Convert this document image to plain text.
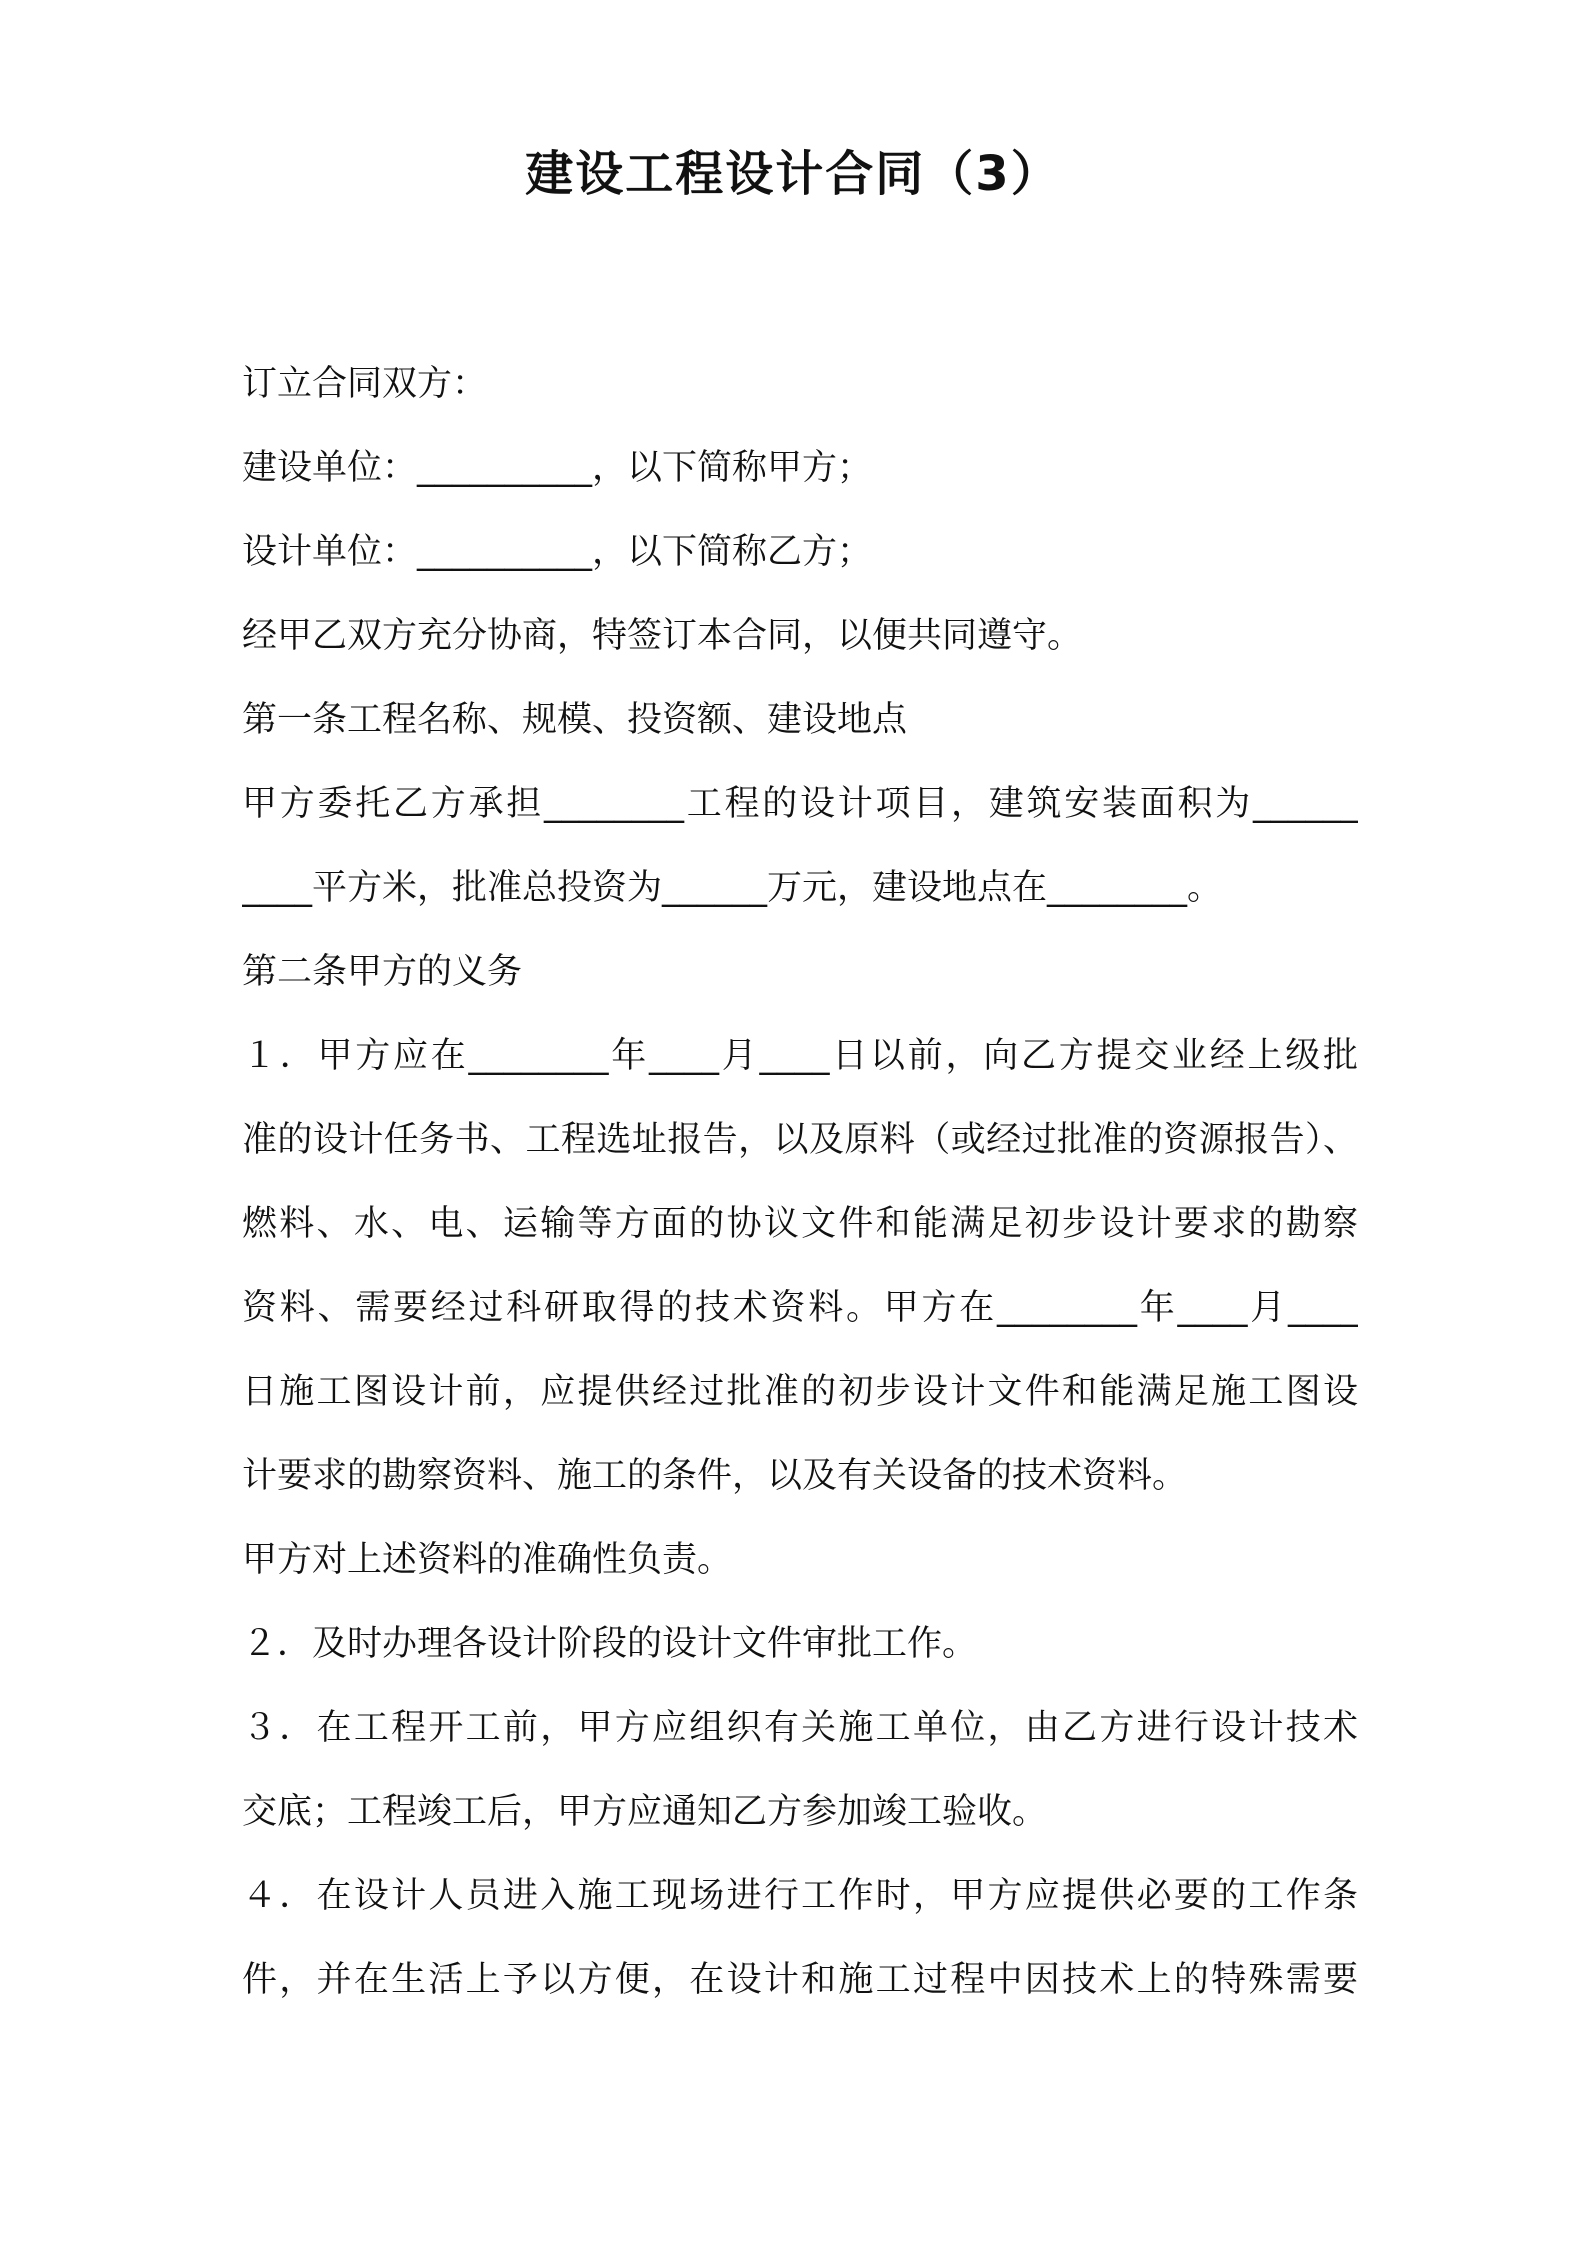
建设工程设计合同（3）
订立合同双方：
建设单位：__________，以下简称甲方；
设计单位：__________，以下简称乙方；
经甲乙双方充分协商，特签订本合同，以便共同遵守。
第一条工程名称、规模、投资额、建设地点
甲方委托乙方承担________工程的设计项目，建筑安装面积为______
____平方米，批准总投资为______万元，建设地点在________。
第二条甲方的义务
１．甲方应在________年____月____日以前，向乙方提交业经上级批
准的设计任务书、工程选址报告，以及原料（或经过批准的资源报告）、
燃料、水、电、运输等方面的协议文件和能满足初步设计要求的勘察
资料、需要经过科研取得的技术资料。甲方在________年____月____
日施工图设计前，应提供经过批准的初步设计文件和能满足施工图设
计要求的勘察资料、施工的条件，以及有关设备的技术资料。
甲方对上述资料的准确性负责。
２．及时办理各设计阶段的设计文件审批工作。
３．在工程开工前，甲方应组织有关施工单位，由乙方进行设计技术
交底；工程竣工后，甲方应通知乙方参加竣工验收。
４．在设计人员进入施工现场进行工作时，甲方应提供必要的工作条
件，并在生活上予以方便，在设计和施工过程中因技术上的特殊需要
